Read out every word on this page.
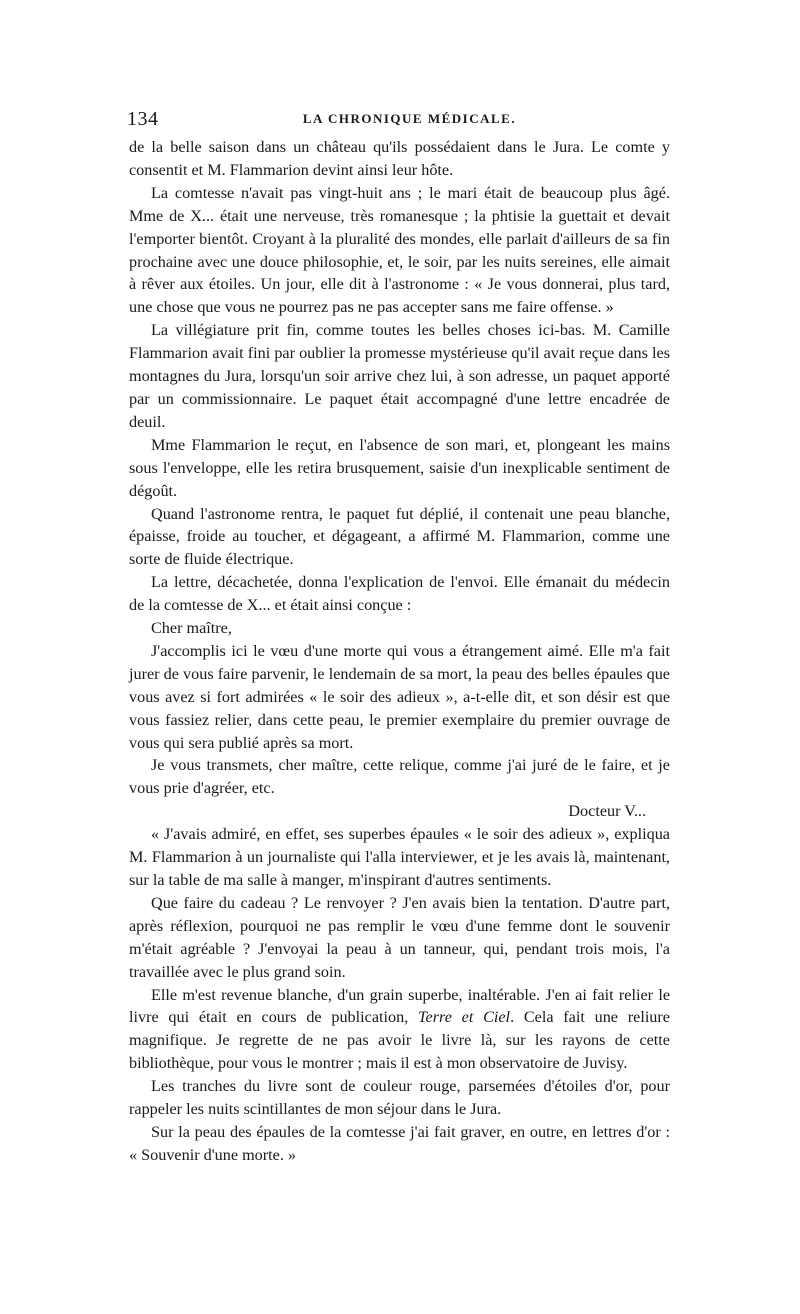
134	LA CHRONIQUE MÉDICALE.

de la belle saison dans un château qu'ils possédaient dans le Jura. Le comte y consentit et M. Flammarion devint ainsi leur hôte.

La comtesse n'avait pas vingt-huit ans ; le mari était de beaucoup plus âgé. Mme de X... était une nerveuse, très romanesque ; la phtisie la guettait et devait l'emporter bientôt. Croyant à la pluralité des mondes, elle parlait d'ailleurs de sa fin prochaine avec une douce philosophie, et, le soir, par les nuits sereines, elle aimait à rêver aux étoiles. Un jour, elle dit à l'astronome : « Je vous donnerai, plus tard, une chose que vous ne pourrez pas ne pas accepter sans me faire offense. »

La villégiature prit fin, comme toutes les belles choses ici-bas. M. Camille Flammarion avait fini par oublier la promesse mystérieuse qu'il avait reçue dans les montagnes du Jura, lorsqu'un soir arrive chez lui, à son adresse, un paquet apporté par un commissionnaire. Le paquet était accompagné d'une lettre encadrée de deuil.

Mme Flammarion le reçut, en l'absence de son mari, et, plongeant les mains sous l'enveloppe, elle les retira brusquement, saisie d'un inexplicable sentiment de dégoût.

Quand l'astronome rentra, le paquet fut déplié, il contenait une peau blanche, épaisse, froide au toucher, et dégageant, a affirmé M. Flammarion, comme une sorte de fluide électrique.

La lettre, décachetée, donna l'explication de l'envoi. Elle émanait du médecin de la comtesse de X... et était ainsi conçue :

Cher maître,

J'accomplis ici le vœu d'une morte qui vous a étrangement aimé. Elle m'a fait jurer de vous faire parvenir, le lendemain de sa mort, la peau des belles épaules que vous avez si fort admirées « le soir des adieux », a-t-elle dit, et son désir est que vous fassiez relier, dans cette peau, le premier exemplaire du premier ouvrage de vous qui sera publié après sa mort.

Je vous transmets, cher maître, cette relique, comme j'ai juré de le faire, et je vous prie d'agréer, etc.

Docteur V...

« J'avais admiré, en effet, ses superbes épaules « le soir des adieux », expliqua M. Flammarion à un journaliste qui l'alla interviewer, et je les avais là, maintenant, sur la table de ma salle à manger, m'inspirant d'autres sentiments.

Que faire du cadeau ? Le renvoyer ? J'en avais bien la tentation. D'autre part, après réflexion, pourquoi ne pas remplir le vœu d'une femme dont le souvenir m'était agréable ? J'envoyai la peau à un tanneur, qui, pendant trois mois, l'a travaillée avec le plus grand soin.

Elle m'est revenue blanche, d'un grain superbe, inaltérable. J'en ai fait relier le livre qui était en cours de publication, Terre et Ciel. Cela fait une reliure magnifique. Je regrette de ne pas avoir le livre là, sur les rayons de cette bibliothèque, pour vous le montrer ; mais il est à mon observatoire de Juvisy.

Les tranches du livre sont de couleur rouge, parsemées d'étoiles d'or, pour rappeler les nuits scintillantes de mon séjour dans le Jura.

Sur la peau des épaules de la comtesse j'ai fait graver, en outre, en lettres d'or : « Souvenir d'une morte. »
